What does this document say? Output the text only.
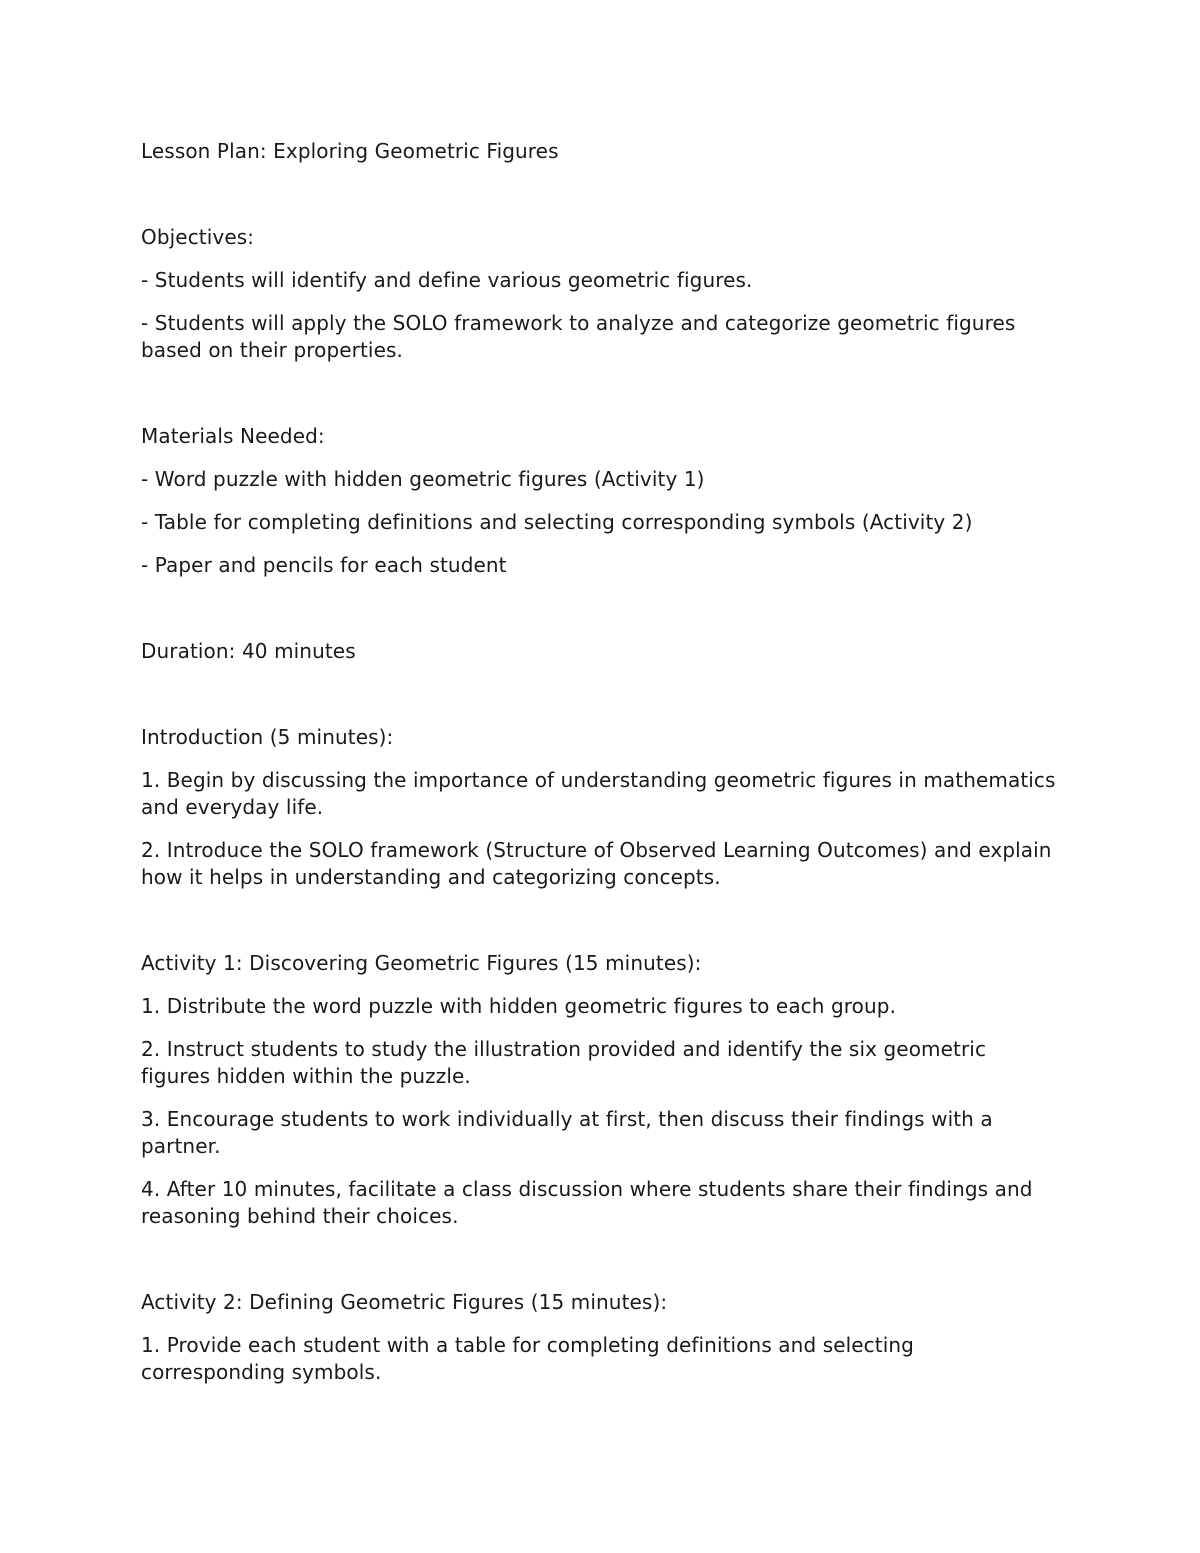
Lesson Plan: Exploring Geometric Figures

Objectives:

- Students will identify and define various geometric figures.

- Students will apply the SOLO framework to analyze and categorize geometric figures based on their properties.

Materials Needed:

- Word puzzle with hidden geometric figures (Activity 1)

- Table for completing definitions and selecting corresponding symbols (Activity 2)

- Paper and pencils for each student

Duration: 40 minutes

Introduction (5 minutes):

1. Begin by discussing the importance of understanding geometric figures in mathematics and everyday life.

2. Introduce the SOLO framework (Structure of Observed Learning Outcomes) and explain how it helps in understanding and categorizing concepts.

Activity 1: Discovering Geometric Figures (15 minutes):

1. Distribute the word puzzle with hidden geometric figures to each group.

2. Instruct students to study the illustration provided and identify the six geometric figures hidden within the puzzle.

3. Encourage students to work individually at first, then discuss their findings with a partner.

4. After 10 minutes, facilitate a class discussion where students share their findings and reasoning behind their choices.

Activity 2: Defining Geometric Figures (15 minutes):

1. Provide each student with a table for completing definitions and selecting corresponding symbols.
